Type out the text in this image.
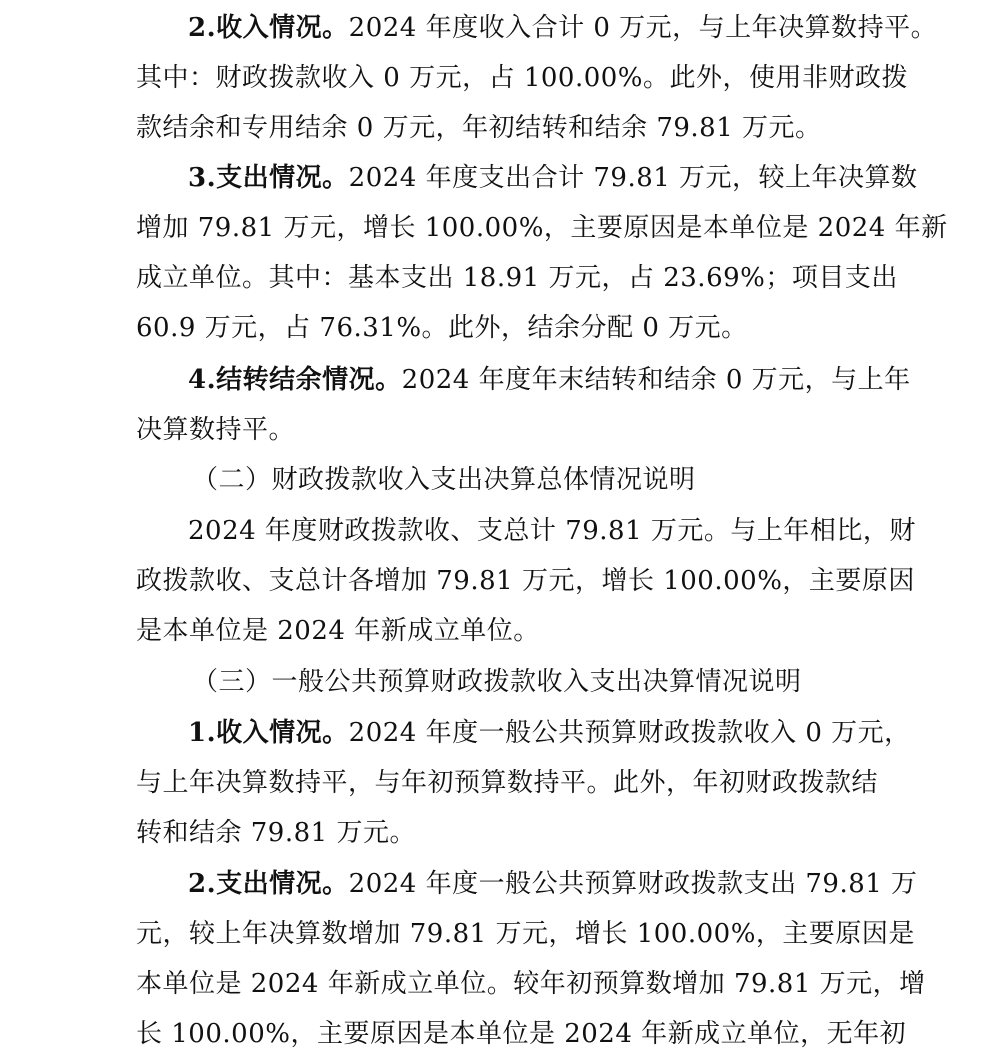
2.收入情况。2024 年度收入合计 0 万元，与上年决算数持平。
其中：财政拨款收入 0 万元，占 100.00%。此外，使用非财政拨
款结余和专用结余 0 万元，年初结转和结余 79.81 万元。
3.支出情况。2024 年度支出合计 79.81 万元，较上年决算数
增加 79.81 万元，增长 100.00%，主要原因是本单位是 2024 年新
成立单位。其中：基本支出 18.91 万元，占 23.69%；项目支出
60.9 万元，占 76.31%。此外，结余分配 0 万元。
4.结转结余情况。2024 年度年末结转和结余 0 万元，与上年
决算数持平。
（二）财政拨款收入支出决算总体情况说明
2024 年度财政拨款收、支总计 79.81 万元。与上年相比，财
政拨款收、支总计各增加 79.81 万元，增长 100.00%，主要原因
是本单位是 2024 年新成立单位。
（三）一般公共预算财政拨款收入支出决算情况说明
1.收入情况。2024 年度一般公共预算财政拨款收入 0 万元，
与上年决算数持平，与年初预算数持平。此外，年初财政拨款结
转和结余 79.81 万元。
2.支出情况。2024 年度一般公共预算财政拨款支出 79.81 万
元，较上年决算数增加 79.81 万元，增长 100.00%，主要原因是
本单位是 2024 年新成立单位。较年初预算数增加 79.81 万元，增
长 100.00%，主要原因是本单位是 2024 年新成立单位，无年初
